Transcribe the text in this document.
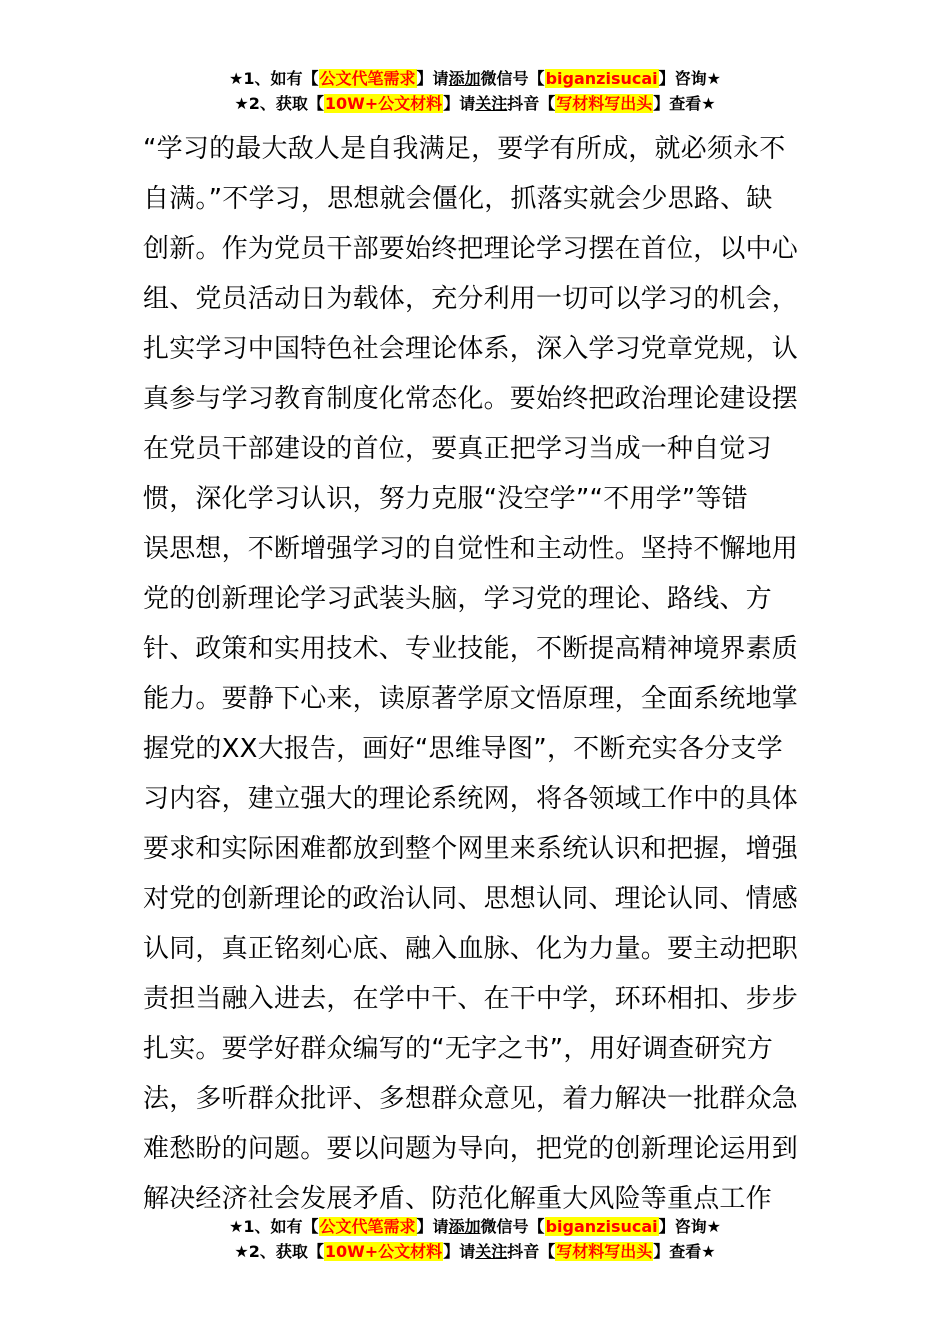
★1、如有【公文代笔需求】请添加微信号【biganzisucai】咨询★
★2、获取【10W+公文材料】请关注抖音【写材料写出头】查看★
“学习的最大敌人是自我满足，要学有所成，就必须永不
自满。”不学习，思想就会僵化，抓落实就会少思路、缺
创新。作为党员干部要始终把理论学习摆在首位，以中心
组、党员活动日为载体，充分利用一切可以学习的机会，
扎实学习中国特色社会理论体系，深入学习党章党规，认
真参与学习教育制度化常态化。要始终把政治理论建设摆
在党员干部建设的首位，要真正把学习当成一种自觉习
惯，深化学习认识，努力克服“没空学”“不用学”等错
误思想，不断增强学习的自觉性和主动性。坚持不懈地用
党的创新理论学习武装头脑，学习党的理论、路线、方
针、政策和实用技术、专业技能，不断提高精神境界素质
能力。要静下心来，读原著学原文悟原理，全面系统地掌
握党的XX大报告，画好“思维导图”，不断充实各分支学
习内容，建立强大的理论系统网，将各领域工作中的具体
要求和实际困难都放到整个网里来系统认识和把握，增强
对党的创新理论的政治认同、思想认同、理论认同、情感
认同，真正铭刻心底、融入血脉、化为力量。要主动把职
责担当融入进去，在学中干、在干中学，环环相扣、步步
扎实。要学好群众编写的“无字之书”，用好调查研究方
法，多听群众批评、多想群众意见，着力解决一批群众急
难愁盼的问题。要以问题为导向，把党的创新理论运用到
解决经济社会发展矛盾、防范化解重大风险等重点工作
★1、如有【公文代笔需求】请添加微信号【biganzisucai】咨询★
★2、获取【10W+公文材料】请关注抖音【写材料写出头】查看★
